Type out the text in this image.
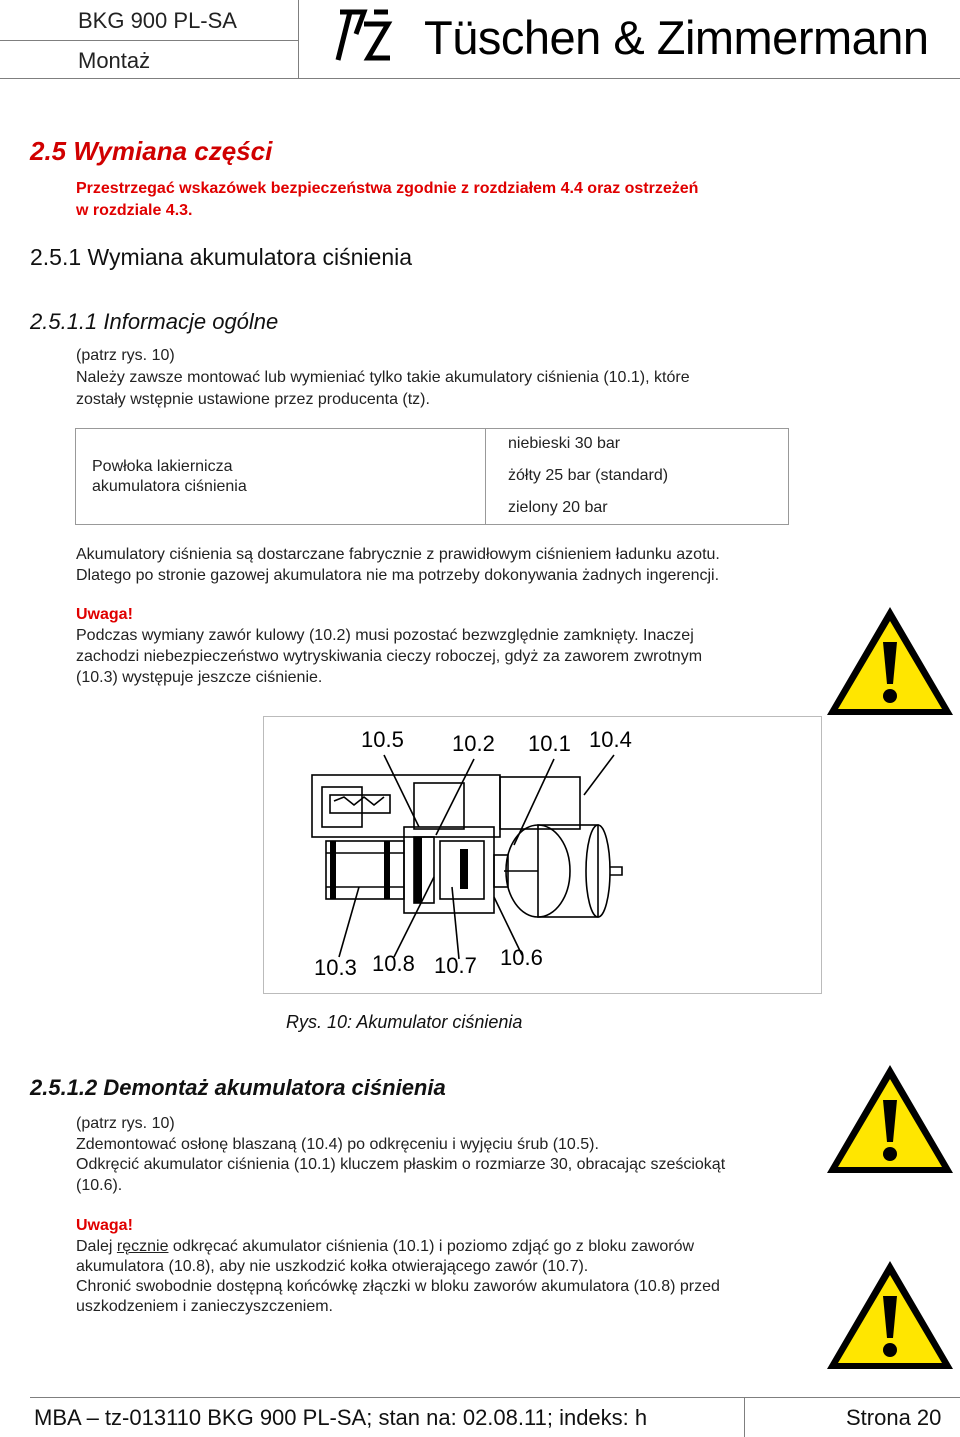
BKG 900 PL-SA
Montaż	Tüschen & Zimmermann
2.5 Wymiana części
Przestrzegać wskazówek bezpieczeństwa zgodnie z rozdziałem 4.4 oraz ostrzeżeń
w rozdziale 4.3.
2.5.1 Wymiana akumulatora ciśnienia
2.5.1.1 Informacje ogólne
(patrz rys. 10)
Należy zawsze montować lub wymieniać tylko takie akumulatory ciśnienia (10.1), które
zostały wstępnie ustawione przez producenta (tz).
Powłoka lakiernicza
akumulatora ciśnienia
niebieski 30 bar
żółty 25 bar (standard)
zielony 20 bar
Akumulatory ciśnienia są dostarczane fabrycznie z prawidłowym ciśnieniem ładunku azotu.
Dlatego po stronie gazowej akumulatora nie ma potrzeby dokonywania żadnych ingerencji.
Uwaga!
Podczas wymiany zawór kulowy (10.2) musi pozostać bezwzględnie zamknięty. Inaczej
zachodzi niebezpieczeństwo wytryskiwania cieczy roboczej, gdyż za zaworem zwrotnym
(10.3) występuje jeszcze ciśnienie.
10.5 10.2 10.1 10.4
10.3 10.8 10.7 10.6
Rys. 10: Akumulator ciśnienia
2.5.1.2 Demontaż akumulatora ciśnienia
(patrz rys. 10)
Zdemontować osłonę blaszaną (10.4) po odkręceniu i wyjęciu śrub (10.5).
Odkręcić akumulator ciśnienia (10.1) kluczem płaskim o rozmiarze 30, obracając sześciokąt
(10.6).
Uwaga!
Dalej ręcznie odkręcać akumulator ciśnienia (10.1) i poziomo zdjąć go z bloku zaworów
akumulatora (10.8), aby nie uszkodzić kołka otwierającego zawór (10.7).
Chronić swobodnie dostępną końcówkę złączki w bloku zaworów akumulatora (10.8) przed
uszkodzeniem i zanieczyszczeniem.
MBA – tz-013110 BKG 900 PL-SA; stan na: 02.08.11; indeks: h	Strona 20
